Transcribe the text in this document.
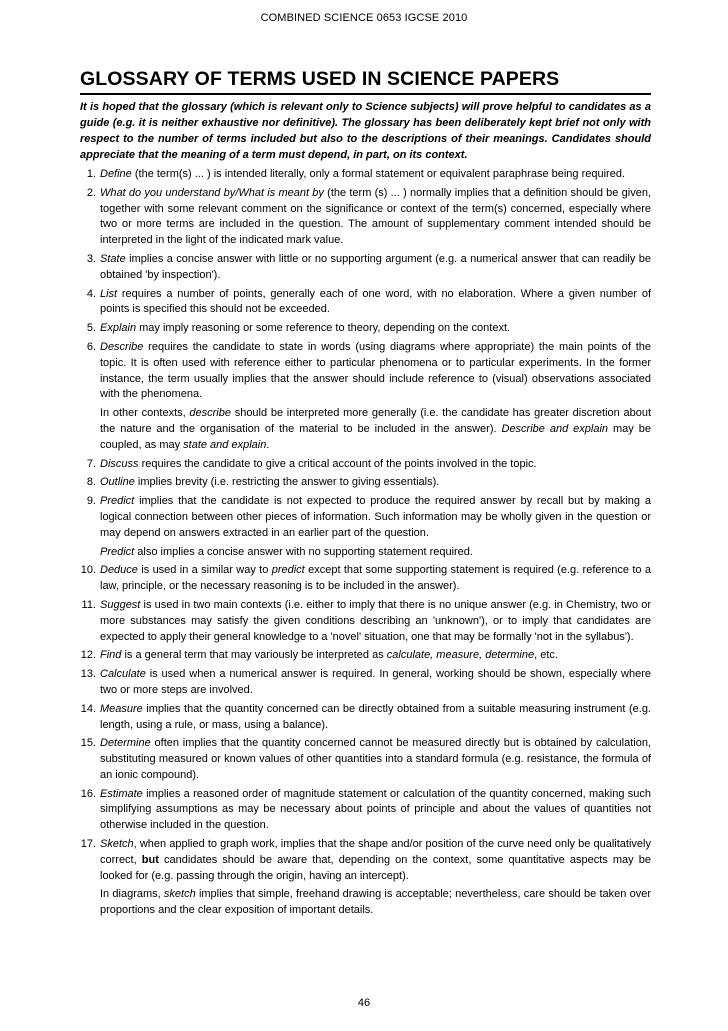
COMBINED SCIENCE 0653 IGCSE 2010
GLOSSARY OF TERMS USED IN SCIENCE PAPERS

It is hoped that the glossary (which is relevant only to Science subjects) will prove helpful to candidates as a guide (e.g. it is neither exhaustive nor definitive). The glossary has been deliberately kept brief not only with respect to the number of terms included but also to the descriptions of their meanings. Candidates should appreciate that the meaning of a term must depend, in part, on its context.

1. Define (the term(s) ... ) is intended literally, only a formal statement or equivalent paraphrase being required.

2. What do you understand by/What is meant by (the term (s) ... ) normally implies that a definition should be given, together with some relevant comment on the significance or context of the term(s) concerned, especially where two or more terms are included in the question. The amount of supplementary comment intended should be interpreted in the light of the indicated mark value.

3. State implies a concise answer with little or no supporting argument (e.g. a numerical answer that can readily be obtained 'by inspection').

4. List requires a number of points, generally each of one word, with no elaboration. Where a given number of points is specified this should not be exceeded.

5. Explain may imply reasoning or some reference to theory, depending on the context.

6. Describe requires the candidate to state in words (using diagrams where appropriate) the main points of the topic. It is often used with reference either to particular phenomena or to particular experiments. In the former instance, the term usually implies that the answer should include reference to (visual) observations associated with the phenomena.

In other contexts, describe should be interpreted more generally (i.e. the candidate has greater discretion about the nature and the organisation of the material to be included in the answer). Describe and explain may be coupled, as may state and explain.

7. Discuss requires the candidate to give a critical account of the points involved in the topic.

8. Outline implies brevity (i.e. restricting the answer to giving essentials).

9. Predict implies that the candidate is not expected to produce the required answer by recall but by making a logical connection between other pieces of information. Such information may be wholly given in the question or may depend on answers extracted in an earlier part of the question.

Predict also implies a concise answer with no supporting statement required.

10. Deduce is used in a similar way to predict except that some supporting statement is required (e.g. reference to a law, principle, or the necessary reasoning is to be included in the answer).

11. Suggest is used in two main contexts (i.e. either to imply that there is no unique answer (e.g. in Chemistry, two or more substances may satisfy the given conditions describing an 'unknown'), or to imply that candidates are expected to apply their general knowledge to a 'novel' situation, one that may be formally 'not in the syllabus').

12. Find is a general term that may variously be interpreted as calculate, measure, determine, etc.

13. Calculate is used when a numerical answer is required. In general, working should be shown, especially where two or more steps are involved.

14. Measure implies that the quantity concerned can be directly obtained from a suitable measuring instrument (e.g. length, using a rule, or mass, using a balance).

15. Determine often implies that the quantity concerned cannot be measured directly but is obtained by calculation, substituting measured or known values of other quantities into a standard formula (e.g. resistance, the formula of an ionic compound).

16. Estimate implies a reasoned order of magnitude statement or calculation of the quantity concerned, making such simplifying assumptions as may be necessary about points of principle and about the values of quantities not otherwise included in the question.

17. Sketch, when applied to graph work, implies that the shape and/or position of the curve need only be qualitatively correct, but candidates should be aware that, depending on the context, some quantitative aspects may be looked for (e.g. passing through the origin, having an intercept).

In diagrams, sketch implies that simple, freehand drawing is acceptable; nevertheless, care should be taken over proportions and the clear exposition of important details.

46
